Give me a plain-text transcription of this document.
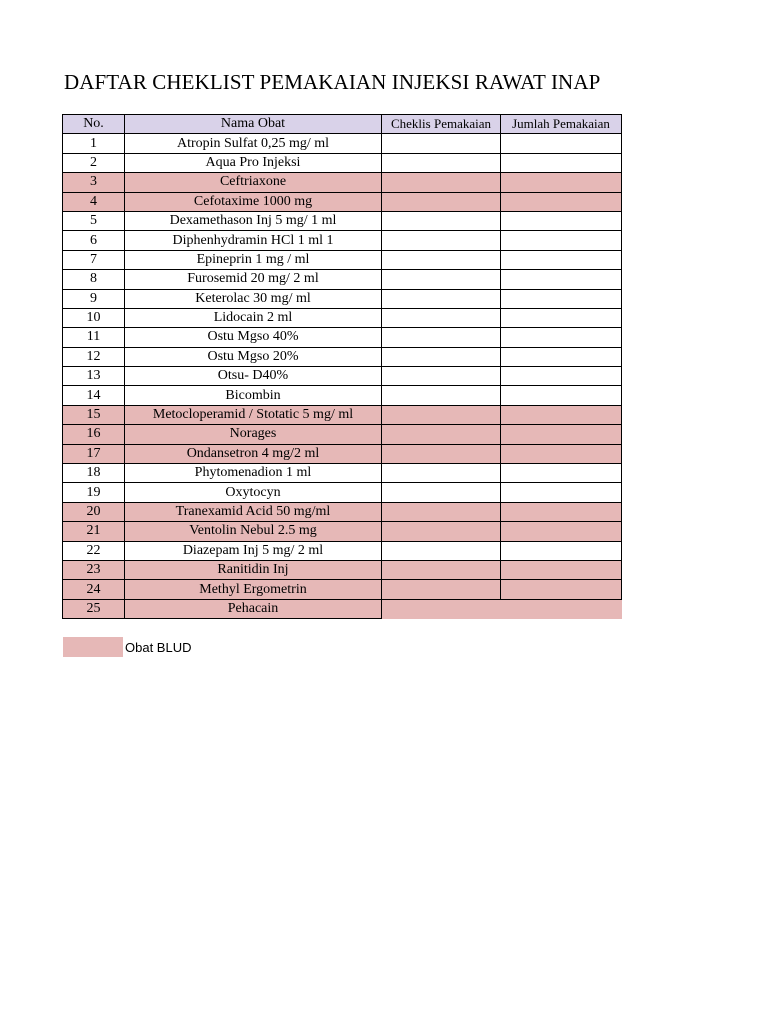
DAFTAR CHEKLIST PEMAKAIAN INJEKSI RAWAT INAP
No.	Nama Obat	Cheklis Pemakaian	Jumlah Pemakaian
1	Atropin Sulfat 0,25 mg/ ml		
2	Aqua Pro Injeksi		
3	Ceftriaxone		
4	Cefotaxime 1000 mg		
5	Dexamethason Inj 5 mg/ 1 ml		
6	Diphenhydramin HCl 1 ml 1		
7	Epineprin 1 mg / ml		
8	Furosemid 20 mg/ 2 ml		
9	Keterolac 30 mg/ ml		
10	Lidocain 2 ml		
11	Ostu Mgso 40%		
12	Ostu Mgso 20%		
13	Otsu- D40%		
14	Bicombin		
15	Metocloperamid / Stotatic 5 mg/ ml		
16	Norages		
17	Ondansetron 4 mg/2 ml		
18	Phytomenadion 1 ml		
19	Oxytocyn		
20	Tranexamid Acid 50 mg/ml		
21	Ventolin Nebul 2.5 mg		
22	Diazepam Inj 5 mg/ 2 ml		
23	Ranitidin Inj		
24	Methyl Ergometrin		
25	Pehacain		
Obat BLUD
